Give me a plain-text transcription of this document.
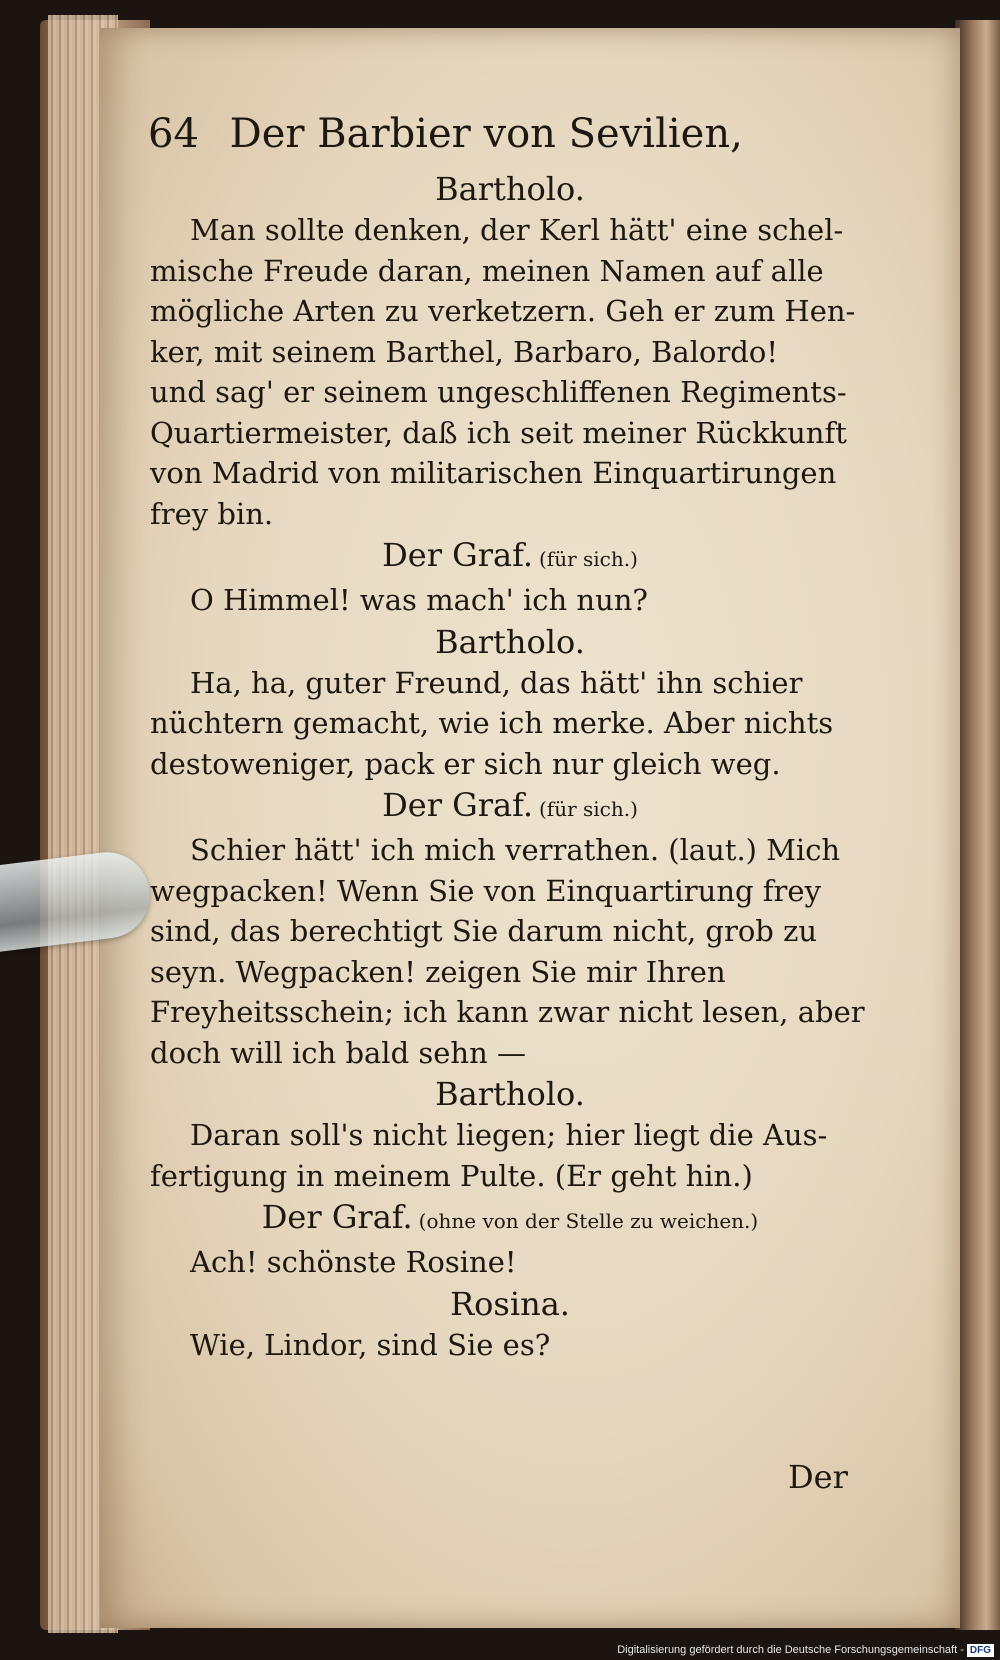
64 Der Barbier von Sevilien,
Bartholo.
Man sollte denken, der Kerl hätt' eine schel-
mische Freude daran, meinen Namen auf alle
mögliche Arten zu verketzern. Geh er zum Hen-
ker, mit seinem Barthel, Barbaro, Balordo!
und sag' er seinem ungeschliffenen Regiments-
Quartiermeister, daß ich seit meiner Rückkunft
von Madrid von militarischen Einquartirungen
frey bin.
Der Graf. (für sich.)
O Himmel! was mach' ich nun?
Bartholo.
Ha, ha, guter Freund, das hätt' ihn schier
nüchtern gemacht, wie ich merke. Aber nichts
destoweniger, pack er sich nur gleich weg.
Der Graf. (für sich.)
Schier hätt' ich mich verrathen. (laut.) Mich
wegpacken! Wenn Sie von Einquartirung frey
sind, das berechtigt Sie darum nicht, grob zu
seyn. Wegpacken! zeigen Sie mir Ihren
Freyheitsschein; ich kann zwar nicht lesen, aber
doch will ich bald sehn —
Bartholo.
Daran soll's nicht liegen; hier liegt die Aus-
fertigung in meinem Pulte. (Er geht hin.)
Der Graf. (ohne von der Stelle zu weichen.)
Ach! schönste Rosine!
Rosina.
Wie, Lindor, sind Sie es?
Der
Digitalisierung gefördert durch die Deutsche Forschungsgemeinschaft - DFG
